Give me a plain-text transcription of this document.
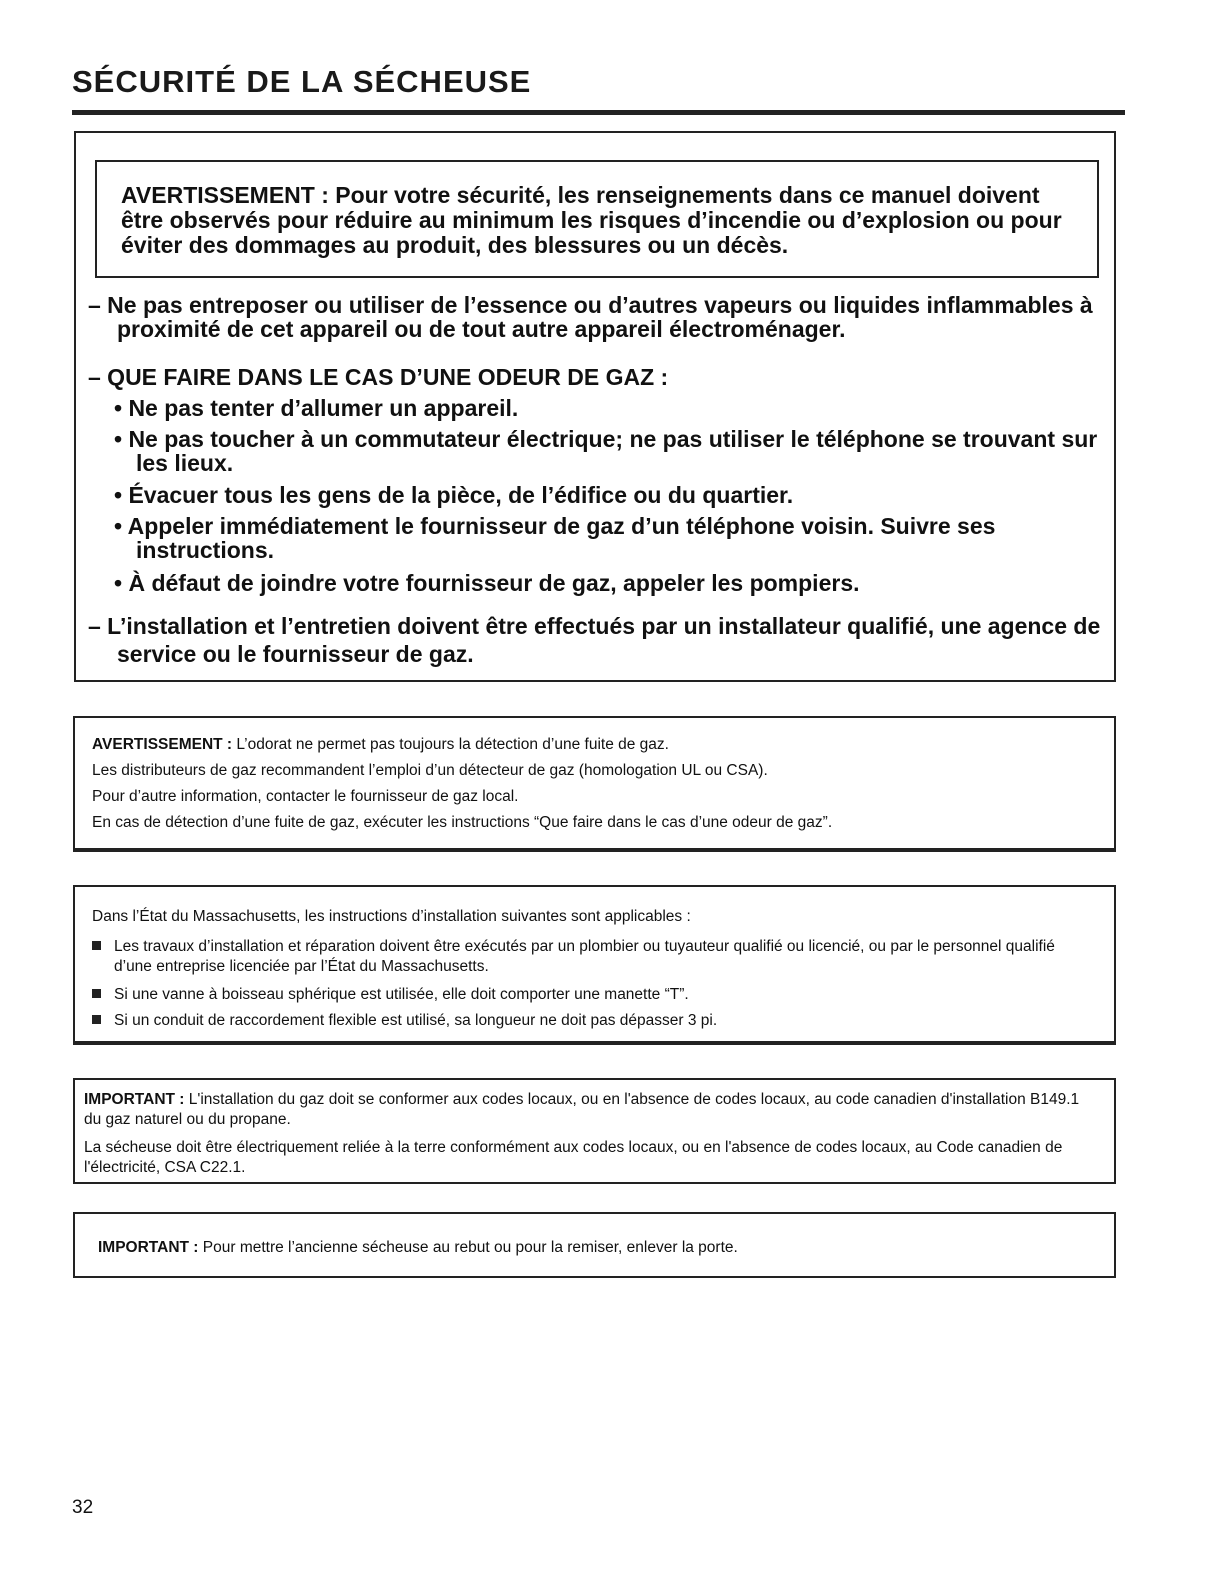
SÉCURITÉ DE LA SÉCHEUSE
AVERTISSEMENT : Pour votre sécurité, les renseignements dans ce manuel doivent être observés pour réduire au minimum les risques d’incendie ou d’explosion ou pour éviter des dommages au produit, des blessures ou un décès.
– Ne pas entreposer ou utiliser de l’essence ou d’autres vapeurs ou liquides inflammables à proximité de cet appareil ou de tout autre appareil électroménager.
– QUE FAIRE DANS LE CAS D’UNE ODEUR DE GAZ :
• Ne pas tenter d’allumer un appareil.
• Ne pas toucher à un commutateur électrique; ne pas utiliser le téléphone se trouvant sur les lieux.
• Évacuer tous les gens de la pièce, de l’édifice ou du quartier.
• Appeler immédiatement le fournisseur de gaz d’un téléphone voisin. Suivre ses instructions.
• À défaut de joindre votre fournisseur de gaz, appeler les pompiers.
– L’installation et l’entretien doivent être effectués par un installateur qualifié, une agence de service ou le fournisseur de gaz.
AVERTISSEMENT : L’odorat ne permet pas toujours la détection d’une fuite de gaz.
Les distributeurs de gaz recommandent l’emploi d’un détecteur de gaz (homologation UL ou CSA).
Pour d’autre information, contacter le fournisseur de gaz local.
En cas de détection d’une fuite de gaz, exécuter les instructions “Que faire dans le cas d’une odeur de gaz”.
Dans l’État du Massachusetts, les instructions d’installation suivantes sont applicables :
Les travaux d’installation et réparation doivent être exécutés par un plombier ou tuyauteur qualifié ou licencié, ou par le personnel qualifié d’une entreprise licenciée par l’État du Massachusetts.
Si une vanne à boisseau sphérique est utilisée, elle doit comporter une manette “T”.
Si un conduit de raccordement flexible est utilisé, sa longueur ne doit pas dépasser 3 pi.
IMPORTANT : L'installation du gaz doit se conformer aux codes locaux, ou en l'absence de codes locaux, au code canadien d'installation B149.1 du gaz naturel ou du propane.
La sécheuse doit être électriquement reliée à la terre conformément aux codes locaux, ou en l'absence de codes locaux, au Code canadien de l'électricité, CSA C22.1.
IMPORTANT : Pour mettre l’ancienne sécheuse au rebut ou pour la remiser, enlever la porte.
32
